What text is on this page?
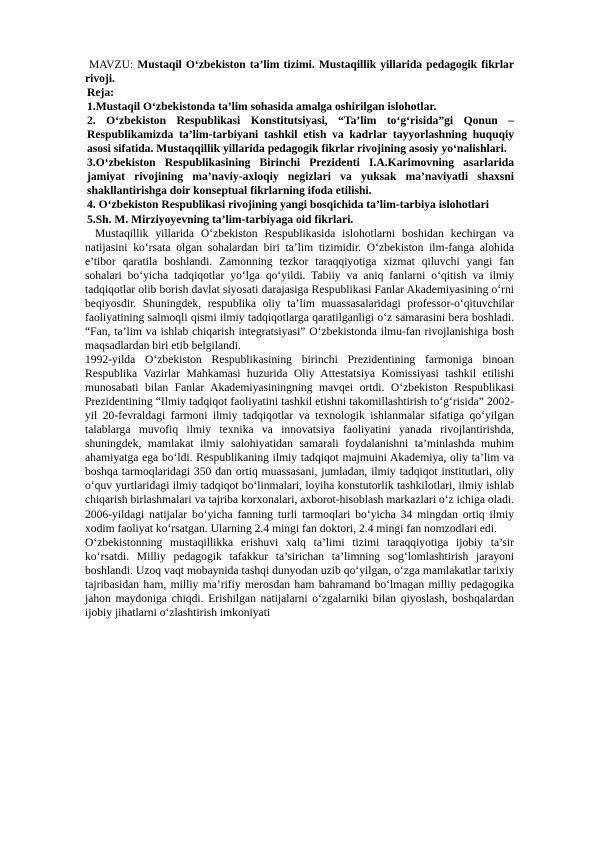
MAVZU: Mustaqil O‘zbekiston ta’lim tizimi. Mustaqillik yillarida pedagogik fikrlar rivoji.

Reja:

1.Mustaqil O‘zbekistonda ta’lim sohasida amalga oshirilgan islohotlar.

2. O‘zbekiston Respublikasi Konstitutsiyasi, “Ta’lim to‘g‘risida”gi Qonun – Respublikamizda ta’lim-tarbiyani tashkil etish va kadrlar tayyorlashning huquqiy asosi sifatida. Mustaqqillik yillarida pedagogik fikrlar rivojining asosiy yo‘nalishlari.

3.O‘zbekiston Respublikasining Birinchi Prezidenti I.A.Karimovning asarlarida jamiyat rivojining ma’naviy-axloqiy negizlari va yuksak ma’naviyatli shaxsni shakllantirishga doir konseptual fikrlarning ifoda etilishi.

4. O‘zbekiston Respublikasi rivojining yangi bosqichida ta’lim-tarbiya islohotlari

5.Sh. M. Mirziyoyevning ta’lim-tarbiyaga oid fikrlari.

Mustaqillik yillarida O‘zbekiston Respublikasida islohotlarni boshidan kechirgan va natijasini ko‘rsata olgan sohalardan biri ta’lim tizimidir. O‘zbekiston ilm-fanga alohida e’tibor qaratila boshlandi. Zamonning tezkor taraqqiyotiga xizmat qiluvchi yangi fan sohalari bo‘yicha tadqiqotlar yo‘lga qo‘yildi. Tabiiy va aniq fanlarni o‘qitish va ilmiy tadqiqotlar olib borish davlat siyosati darajasiga Respublikasi Fanlar Akademiyasining o‘rni beqiyosdir. Shuningdek, respublika oliy ta’lim muassasalaridagi professor-o‘qituvchilar faoliyatining salmoqli qismi ilmiy tadqiqotlarga qaratilganligi o‘z samarasini bera boshladi. “Fan, ta’lim va ishlab chiqarish integratsiyasi” O‘zbekistonda ilmu-fan rivojlanishiga bosh maqsadlardan biri etib belgilandi.

1992-yilda O‘zbekiston Respublikasining birinchi Prezidentining farmoniga binoan Respublika Vazirlar Mahkamasi huzurida Oliy Attestatsiya Komissiyasi tashkil etilishi munosabati bilan Fanlar Akademiyasiningning mavqei ortdi. O‘zbekiston Respublikasi Prezidentining “Ilmiy tadqiqot faoliyatini tashkil etishni takomillashtirish to‘g‘risida” 2002-yil 20-fevraldagi farmoni ilmiy tadqiqotlar va texnologik ishlanmalar sifatiga qo‘yilgan talablarga muvofiq ilmiy texnika va innovatsiya faoliyatini yanada rivojlantirishda, shuningdek, mamlakat ilmiy salohiyatidan samarali foydalanishni ta’minlashda muhim ahamiyatga ega bo‘ldi. Respublikaning ilmiy tadqiqot majmuini Akademiya, oliy ta’lim va boshqa tarmoqlaridagi 350 dan ortiq muassasani, jumladan, ilmiy tadqiqot institutlari, oliy o‘quv yurtlaridagi ilmiy tadqiqot bo‘linmalari, loyiha konstutorlik tashkilotlari, ilmiy ishlab chiqarish birlashmalari va tajriba korxonalari, axborot-hisoblash markazlari o‘z ichiga oladi. 2006-yildagi natijalar bo‘yicha fanning turli tarmoqlari bo‘yicha 34 mingdan ortiq ilmiy xodim faoliyat ko‘rsatgan. Ularning 2.4 mingi fan doktori, 2.4 mingi fan nomzodlari edi.

O‘zbekistonning mustaqillikka erishuvi xalq ta’limi tizimi taraqqiyotiga ijobiy ta’sir ko‘rsatdi. Milliy pedagogik tafakkur ta’sirichan ta’limning sog‘lomlashtirish jarayoni boshlandi. Uzoq vaqt mobaynida tashqi dunyodan uzib qo‘yilgan, o‘zga mamlakatlar tarixiy tajribasidan ham, milliy ma’rifiy merosdan ham bahramand bo‘lmagan milliy pedagogika jahon maydoniga chiqdi. Erishilgan natijalarni o‘zgalarniki bilan qiyoslash, boshqalardan ijobiy jihatlarni o‘zlashtirish imkoniyati
